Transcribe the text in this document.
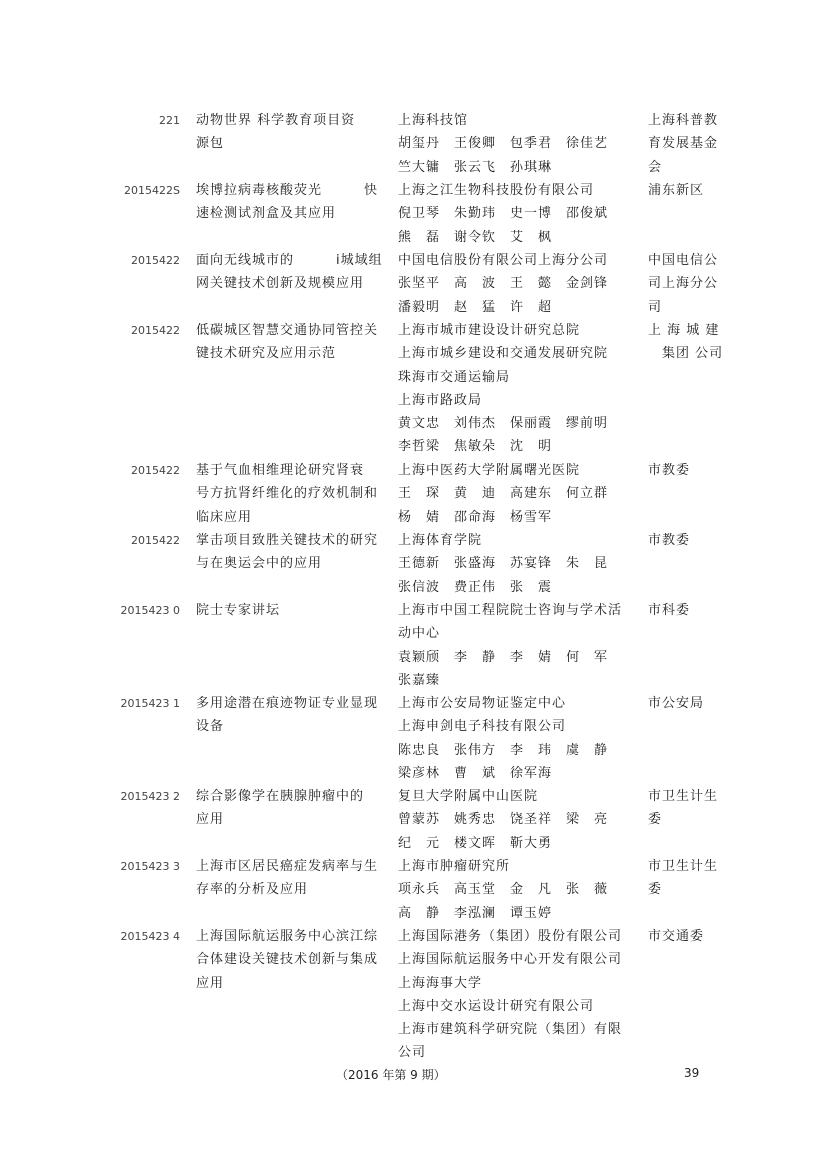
221 动物世界 科学教育项目资
源包
上海科技馆
胡玺丹　王俊卿　包季君　徐佳艺
竺大镛　张云飞　孙琪琳
上海科普教
育发展基金
会
2015422S 埃博拉病毒核酸荧光　　　快
速检测试剂盒及其应用
上海之江生物科技股份有限公司
倪卫琴　朱勤玮　史一博　邵俊斌
熊　磊　谢令钦　艾　枫
浦东新区
2015422 面向无线城市的　　　i城域组
网关键技术创新及规模应用
中国电信股份有限公司上海分公司
张坚平　高　波　王　懿　金剑锋
潘毅明　赵　猛　许　超
中国电信公
司上海分公
司
2015422 低碳城区智慧交通协同管控关
键技术研究及应用示范
上海市城市建设设计研究总院
上海市城乡建设和交通发展研究院
珠海市交通运输局
上海市路政局
黄文忠　刘伟杰　保丽霞　缪前明
李哲梁　焦敏朵　沈　明
上 海 城 建
　集团 公司
2015422 基于气血相维理论研究肾衰
号方抗肾纤维化的疗效机制和
临床应用
上海中医药大学附属曙光医院
王　琛　黄　迪　高建东　何立群
杨　婧　邵命海　杨雪军
市教委
2015422 掌击项目致胜关键技术的研究
与在奥运会中的应用
上海体育学院
王德新　张盛海　苏宴锋　朱　昆
张信波　费正伟　张　震
市教委
2015423 0 院士专家讲坛	上海市中国工程院院士咨询与学术活
动中心
袁颖颀　李　静　李　婧　何　军
张嘉臻
市科委
2015423 1 多用途潜在痕迹物证专业显现
设备
上海市公安局物证鉴定中心
上海申剑电子科技有限公司
陈忠良　张伟方　李　玮　虞　静
梁彦林　曹　斌　徐军海
市公安局
2015423 2 综合影像学在胰腺肿瘤中的
应用
复旦大学附属中山医院
曾蒙苏　姚秀忠　饶圣祥　梁　亮
纪　元　楼文晖　靳大勇
市卫生计生
委
2015423 3 上海市区居民癌症发病率与生
存率的分析及应用
上海市肿瘤研究所
项永兵　高玉堂　金　凡　张　薇
高　静　李泓澜　谭玉婷
市卫生计生
委
2015423 4 上海国际航运服务中心滨江综
合体建设关键技术创新与集成
应用
上海国际港务（集团）股份有限公司
上海国际航运服务中心开发有限公司
上海海事大学
上海中交水运设计研究有限公司
上海市建筑科学研究院（集团）有限
公司
市交通委
（2016 年第 9 期）	39
